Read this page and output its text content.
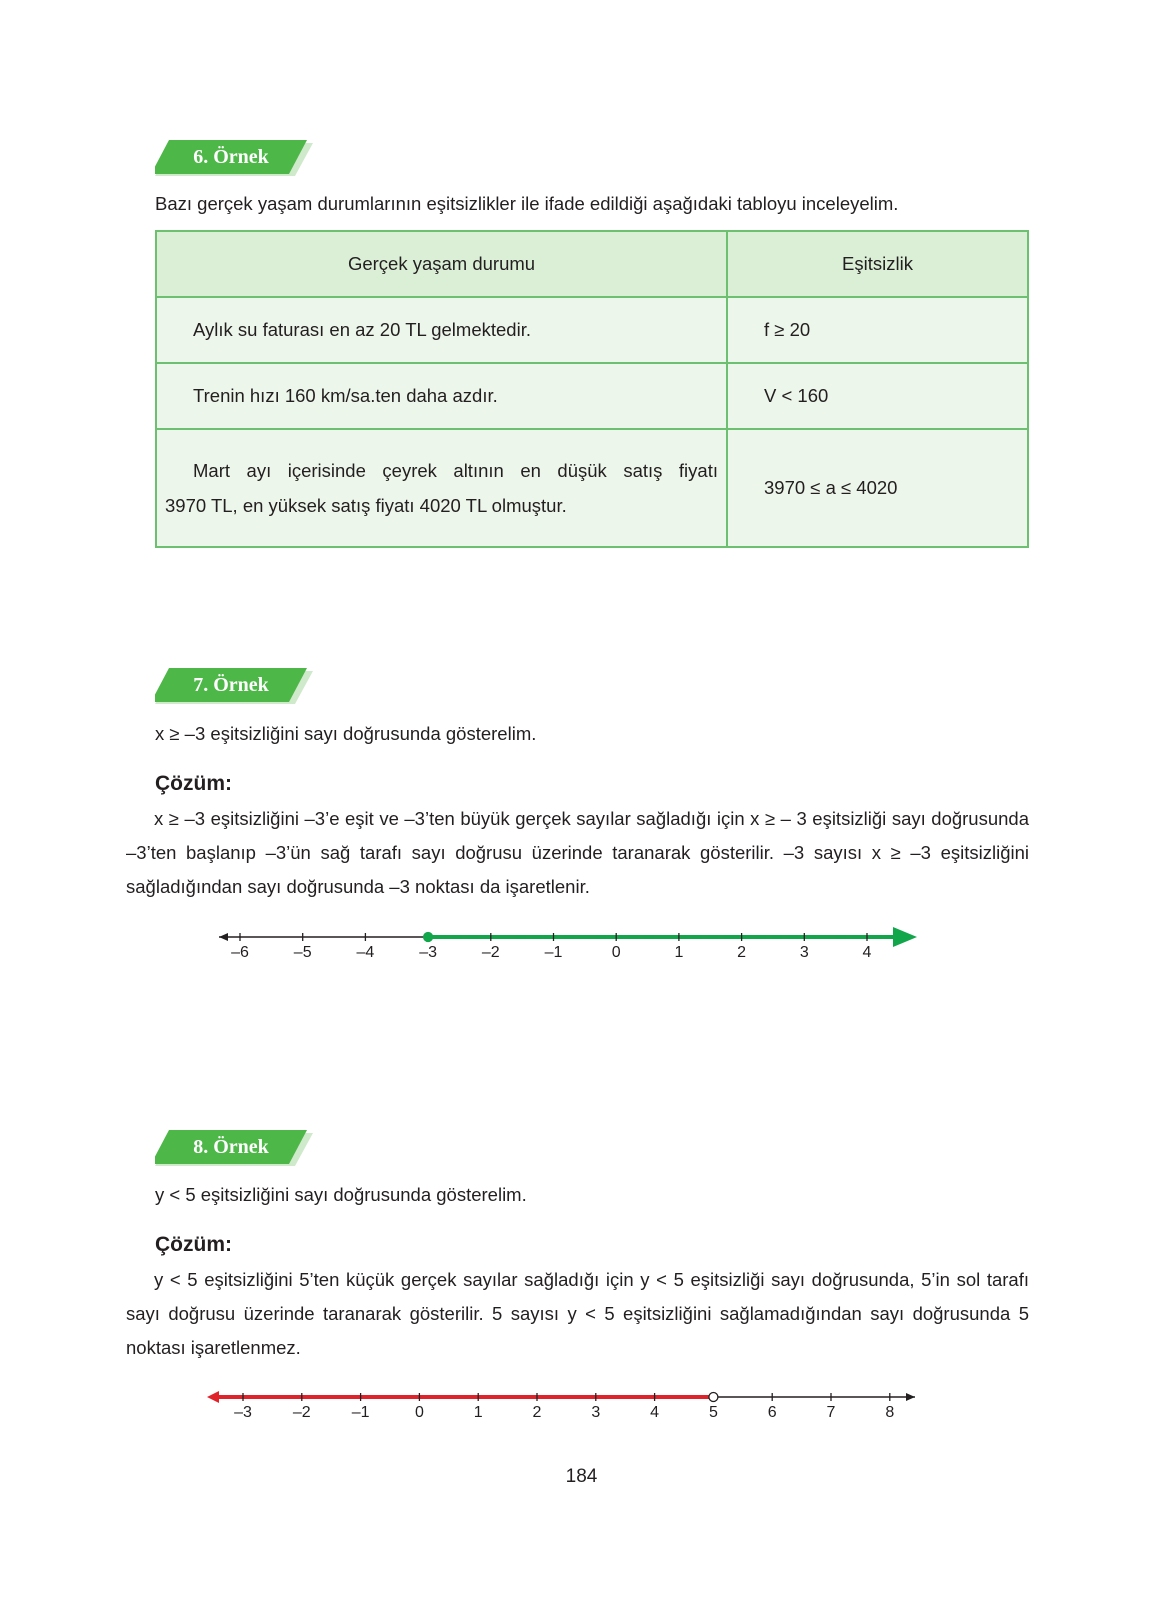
6. Örnek
Bazı gerçek yaşam durumlarının eşitsizlikler ile ifade edildiği aşağıdaki tabloyu inceleyelim.
Gerçek yaşam durumu	Eşitsizlik
Aylık su faturası en az 20 TL gelmektedir.	f ≥ 20
Trenin hızı 160 km/sa.ten daha azdır.	V < 160

Mart ayı içerisinde çeyrek altının en düşük satış fiyatı
3970 TL, en yüksek satış fiyatı 4020 TL olmuştur.	3970 ≤ a ≤ 4020
7. Örnek
x ≥ –3 eşitsizliğini sayı doğrusunda gösterelim.
Çözüm:

x ≥ –3 eşitsizliğini –3’e eşit ve –3’ten büyük gerçek sayılar sağladığı için x ≥ – 3 eşitsizliği sayı doğrusunda –3’ten başlanıp –3’ün sağ tarafı sayı doğrusu üzerinde taranarak gösterilir. –3 sayısı x ≥ –3 eşitsizliğini sağladığından sayı doğrusunda –3 noktası da işaretlenir.

–6	–5	–4	–3	–2	–1	0	1	2	3	4
8. Örnek
y < 5 eşitsizliğini sayı doğrusunda gösterelim.
Çözüm:

y < 5 eşitsizliğini 5’ten küçük gerçek sayılar sağladığı için y < 5 eşitsizliği sayı doğrusunda, 5’in sol tarafı sayı doğrusu üzerinde taranarak gösterilir. 5 sayısı y < 5 eşitsizliğini sağlamadığından sayı doğrusunda 5 noktası işaretlenmez.

–3	–2	–1	0	1	2	3	4	5	6	7	8
184
